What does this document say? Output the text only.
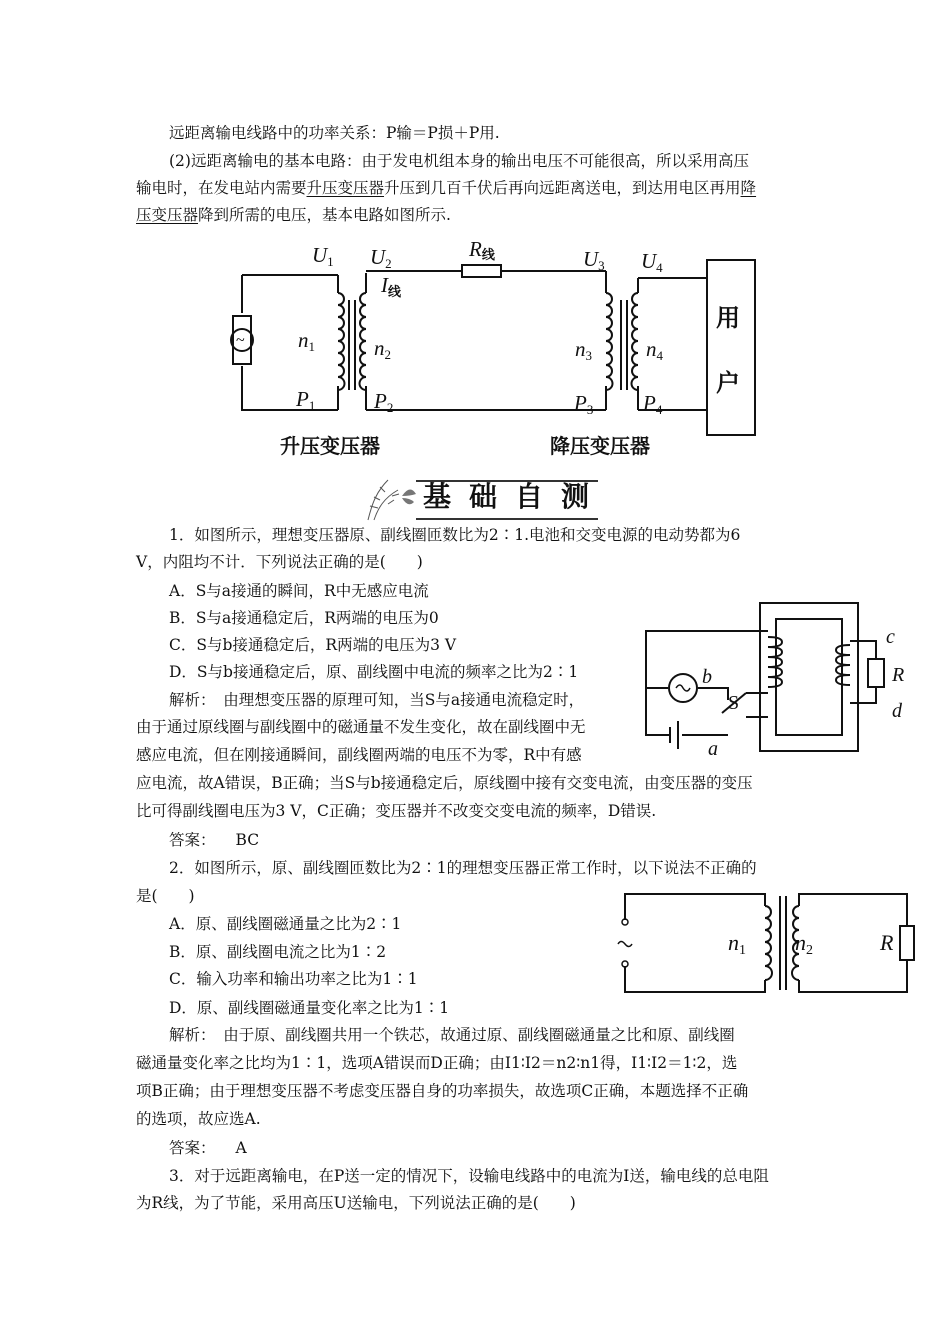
远距离输电线路中的功率关系：P输＝P损＋P用.
(2)远距离输电的基本电路：由于发电机组本身的输出电压不可能很高，所以采用高压
输电时，在发电站内需要升压变压器升压到几百千伏后再向远距离送电，到达用电区再用降
压变压器降到所需的电压，基本电路如图所示.
~
U1 U2	U3 U4
R线
I线
n1	n2	n3	n4
P1	P2	P3 P4
用
户
升压变压器	降压变压器
基 础 自 测
1．如图所示，理想变压器原、副线圈匝数比为2∶1.电池和交变电源的电动势都为6
V，内阻均不计．下列说法正确的是(　　)
A．S与a接通的瞬间，R中无感应电流
B．S与a接通稳定后，R两端的电压为0
C．S与b接通稳定后，R两端的电压为3 V
D．S与b接通稳定后，原、副线圈中电流的频率之比为2∶1
解析：　由理想变压器的原理可知，当S与a接通电流稳定时，
由于通过原线圈与副线圈中的磁通量不发生变化，故在副线圈中无
感应电流，但在刚接通瞬间，副线圈两端的电压不为零，R中有感
应电流，故A错误，B正确；当S与b接通稳定后，原线圈中接有交变电流，由变压器的变压
比可得副线圈电压为3 V，C正确；变压器并不改变交变电流的频率，D错误.
答案： BC
c
R
d
b
S
a
2．如图所示，原、副线圈匝数比为2∶1的理想变压器正常工作时，以下说法不正确的
是(　　)
A．原、副线圈磁通量之比为2∶1
B．原、副线圈电流之比为1∶2
C．输入功率和输出功率之比为1∶1
D．原、副线圈磁通量变化率之比为1∶1
解析：　由于原、副线圈共用一个铁芯，故通过原、副线圈磁通量之比和原、副线圈
磁通量变化率之比均为1∶1，选项A错误而D正确；由I1∶I2＝n2∶n1得，I1∶I2＝1∶2，选
项B正确；由于理想变压器不考虑变压器自身的功率损失，故选项C正确，本题选择不正确
的选项，故应选A.
答案： A
n1 n2	R
3．对于远距离输电，在P送一定的情况下，设输电线路中的电流为I送，输电线的总电阻
为R线，为了节能，采用高压U送输电，下列说法正确的是(　　)
